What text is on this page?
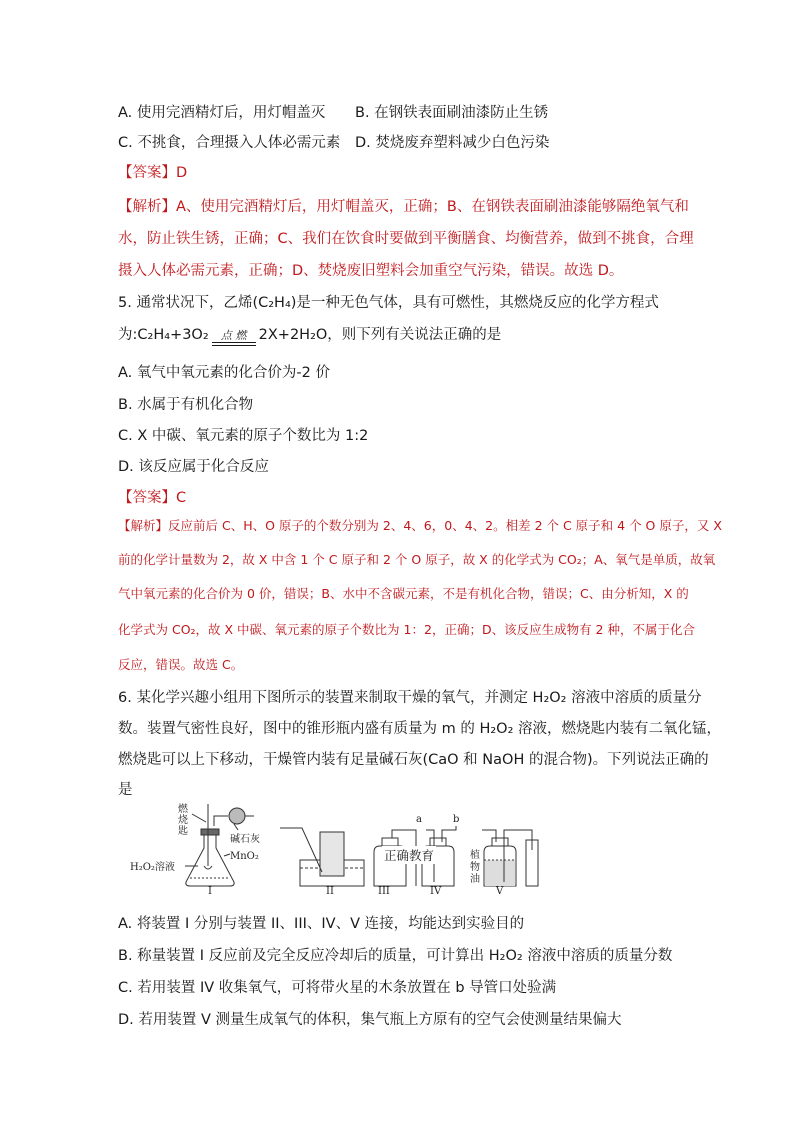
A. 使用完酒精灯后，用灯帽盖灭 B. 在钢铁表面刷油漆防止生锈
C. 不挑食，合理摄入人体必需元素 D. 焚烧废弃塑料减少白色污染
【答案】D
【解析】A、使用完酒精灯后，用灯帽盖灭，正确；B、在钢铁表面刷油漆能够隔绝氧气和
水，防止铁生锈，正确；C、我们在饮食时要做到平衡膳食、均衡营养，做到不挑食，合理
摄入人体必需元素，正确；D、焚烧废旧塑料会加重空气污染，错误。故选 D。
5. 通常状况下，乙烯(C₂H₄)是一种无色气体，具有可燃性，其燃烧反应的化学方程式
为:C₂H₄+3O₂	点 燃 2X+2H₂O，则下列有关说法正确的是
A. 氧气中氧元素的化合价为-2 价
B. 水属于有机化合物
C. X 中碳、氧元素的原子个数比为 1:2
D. 该反应属于化合反应
【答案】C
【解析】反应前后 C、H、O 原子的个数分别为 2、4、6，0、4、2。相差 2 个 C 原子和 4 个 O 原子，又 X
前的化学计量数为 2，故 X 中含 1 个 C 原子和 2 个 O 原子，故 X 的化学式为 CO₂；A、氧气是单质，故氧
气中氧元素的化合价为 0 价，错误；B、水中不含碳元素，不是有机化合物，错误；C、由分析知，X 的
化学式为 CO₂，故 X 中碳、氧元素的原子个数比为 1：2，正确；D、该反应生成物有 2 种，不属于化合
反应，错误。故选 C。
6. 某化学兴趣小组用下图所示的装置来制取干燥的氧气，并测定 H₂O₂ 溶液中溶质的质量分
数。装置气密性良好，图中的锥形瓶内盛有质量为 m 的 H₂O₂ 溶液，燃烧匙内装有二氧化锰，
燃烧匙可以上下移动，干燥管内装有足量碱石灰(CaO 和 NaOH 的混合物)。下列说法正确的
是
燃
烧
匙
碱石灰
MnO₂
H₂O₂溶液
I	II	III	IV
a	b
植
物
油
V
正确教育
A. 将装置 I 分别与装置 II、III、IV、V 连接，均能达到实验目的
B. 称量装置 I 反应前及完全反应冷却后的质量，可计算出 H₂O₂ 溶液中溶质的质量分数
C. 若用装置 IV 收集氧气，可将带火星的木条放置在 b 导管口处验满
D. 若用装置 V 测量生成氧气的体积，集气瓶上方原有的空气会使测量结果偏大
